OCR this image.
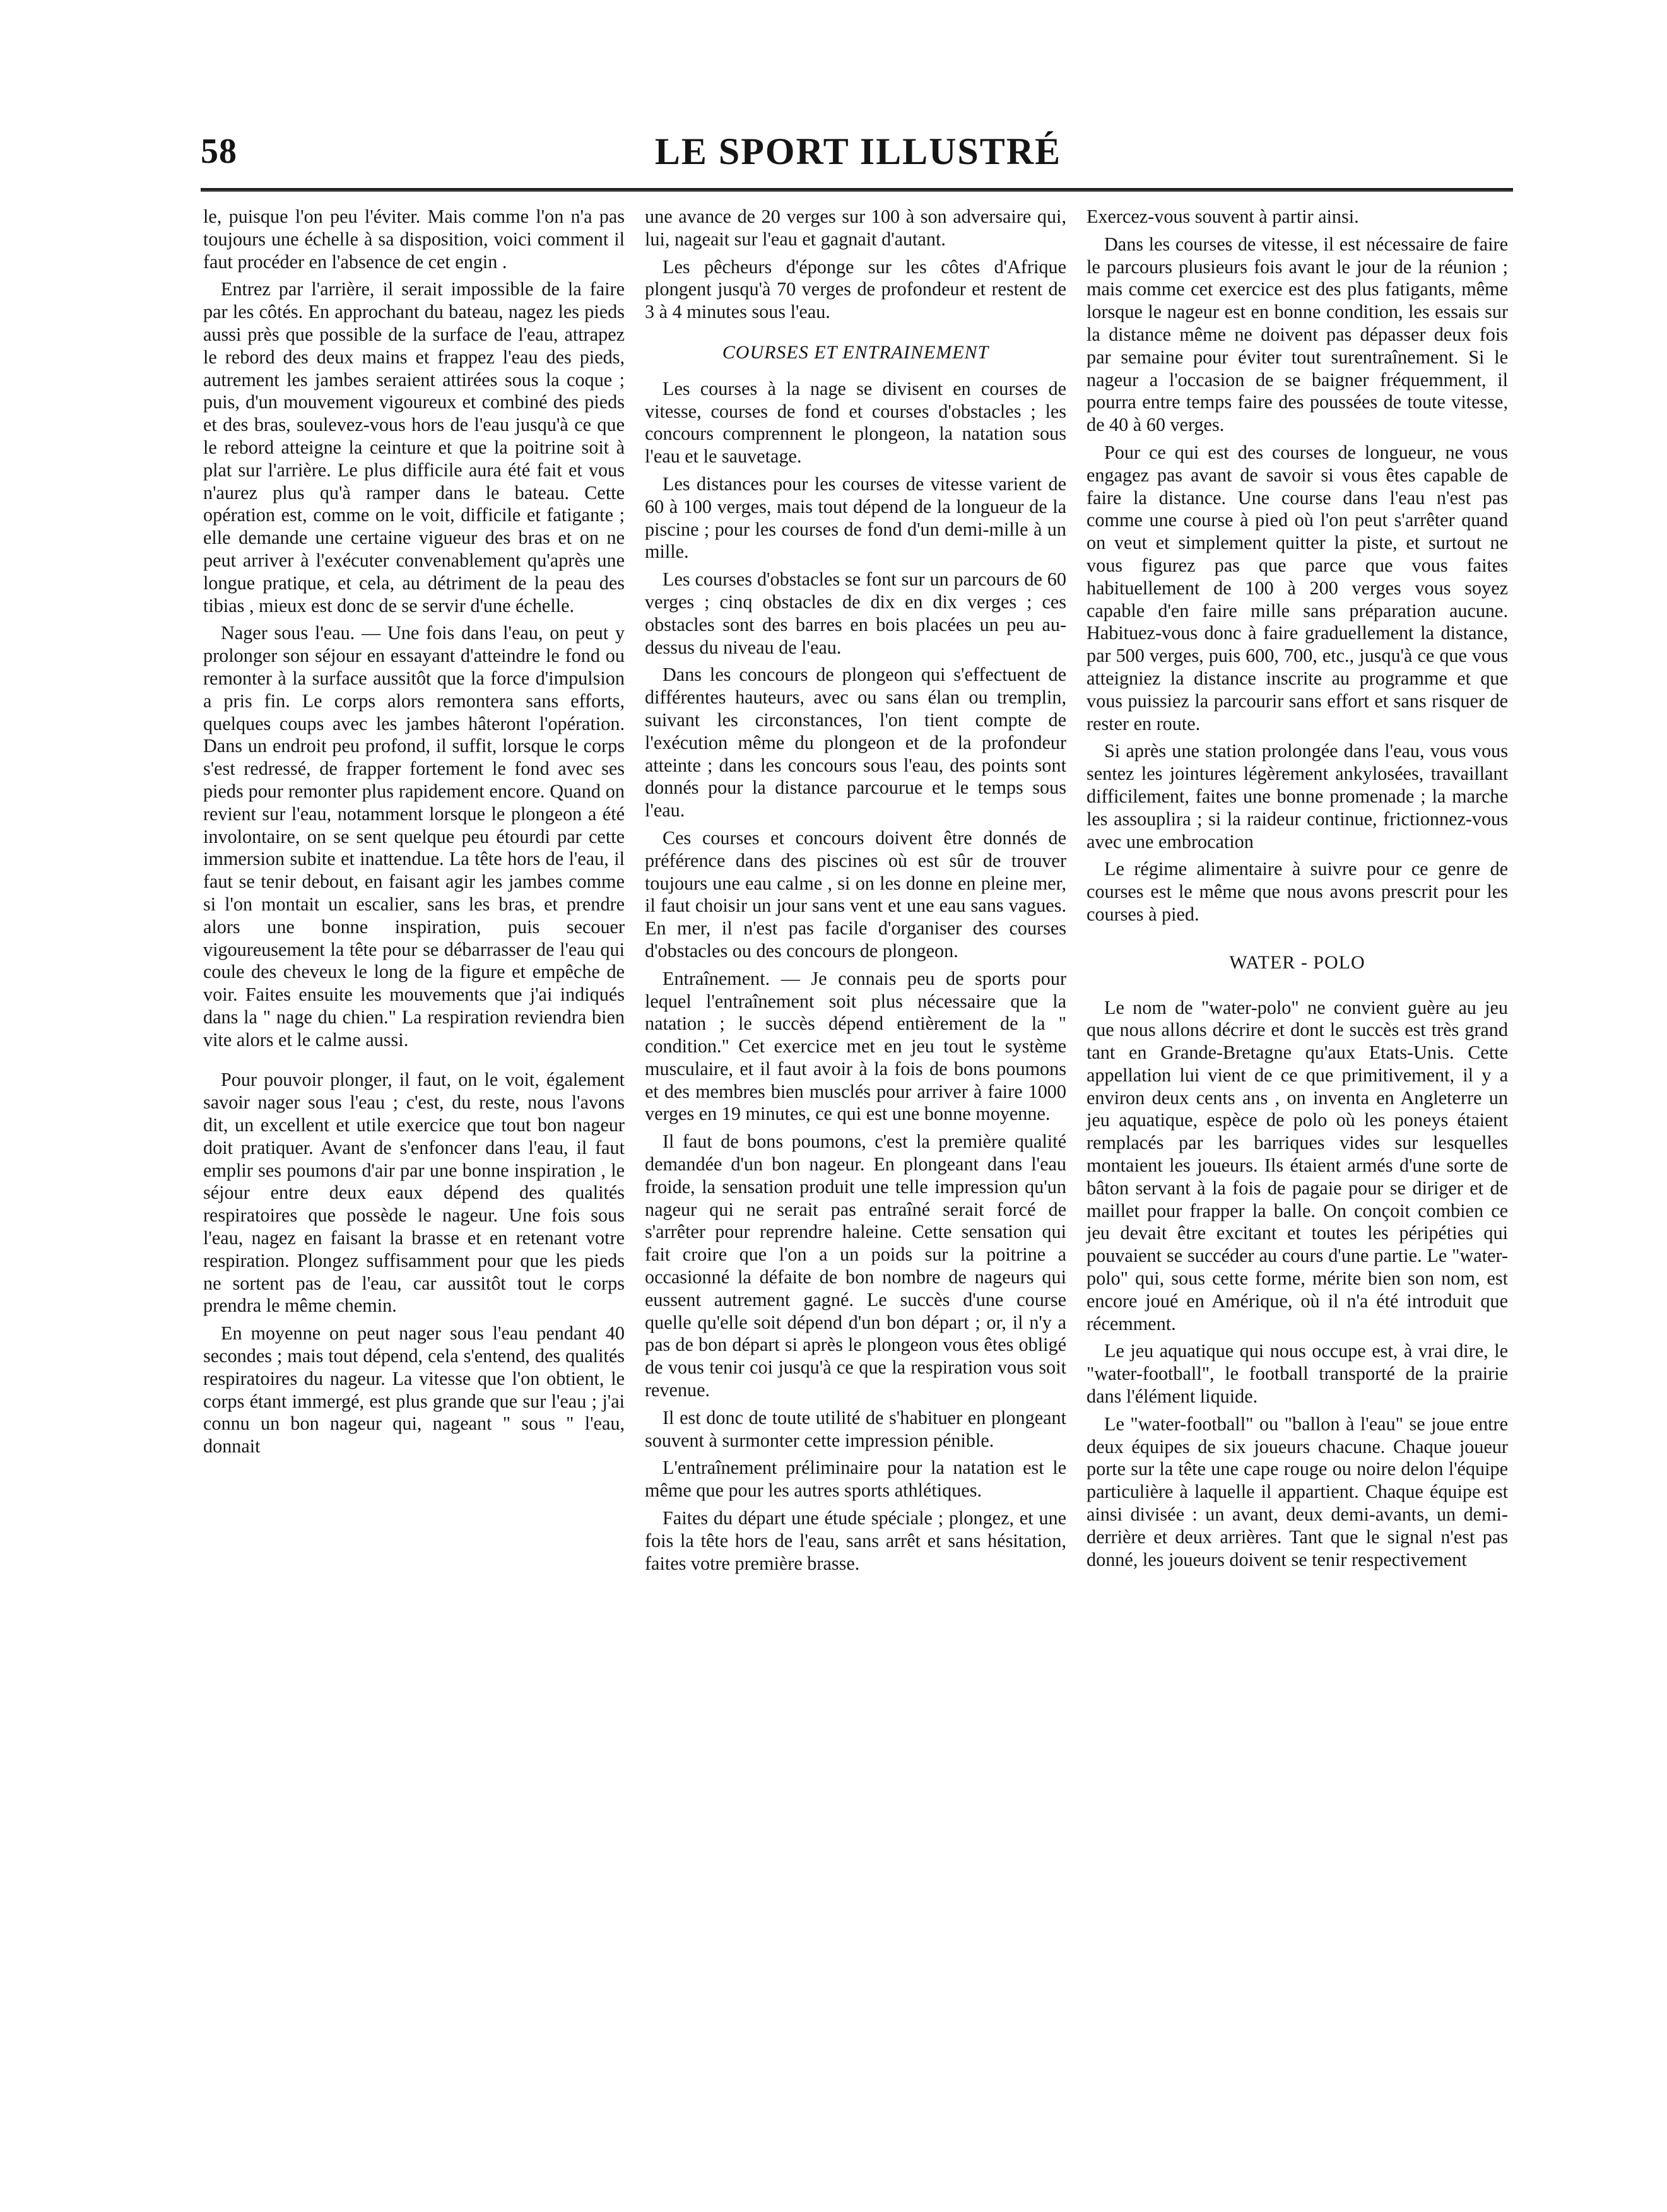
58	LE SPORT ILLUSTRÉ

le, puisque l'on peu l'éviter. Mais comme l'on n'a pas toujours une échelle à sa disposition, voici comment il faut procéder en l'absence de cet engin .

Entrez par l'arrière, il serait impossible de la faire par les côtés. En approchant du bateau, nagez les pieds aussi près que possible de la surface de l'eau, attrapez le rebord des deux mains et frappez l'eau des pieds, autrement les jambes seraient attirées sous la coque ; puis, d'un mouvement vigoureux et combiné des pieds et des bras, soulevez-vous hors de l'eau jusqu'à ce que le rebord atteigne la ceinture et que la poitrine soit à plat sur l'arrière. Le plus difficile aura été fait et vous n'aurez plus qu'à ramper dans le bateau. Cette opération est, comme on le voit, difficile et fatigante ; elle demande une certaine vigueur des bras et on ne peut arriver à l'exécuter convenablement qu'après une longue pratique, et cela, au détriment de la peau des tibias , mieux est donc de se servir d'une échelle.

Nager sous l'eau. — Une fois dans l'eau, on peut y prolonger son séjour en essayant d'atteindre le fond ou remonter à la surface aussitôt que la force d'impulsion a pris fin. Le corps alors remontera sans efforts, quelques coups avec les jambes hâteront l'opération. Dans un endroit peu profond, il suffit, lorsque le corps s'est redressé, de frapper fortement le fond avec ses pieds pour remonter plus rapidement encore. Quand on revient sur l'eau, notamment lorsque le plongeon a été involontaire, on se sent quelque peu étourdi par cette immersion subite et inattendue. La tête hors de l'eau, il faut se tenir debout, en faisant agir les jambes comme si l'on montait un escalier, sans les bras, et prendre alors une bonne inspiration, puis secouer vigoureusement la tête pour se débarrasser de l'eau qui coule des cheveux le long de la figure et empêche de voir. Faites ensuite les mouvements que j'ai indiqués dans la " nage du chien." La respiration reviendra bien vite alors et le calme aussi.

Pour pouvoir plonger, il faut, on le voit, également savoir nager sous l'eau ; c'est, du reste, nous l'avons dit, un excellent et utile exercice que tout bon nageur doit pratiquer. Avant de s'enfoncer dans l'eau, il faut emplir ses poumons d'air par une bonne inspiration , le séjour entre deux eaux dépend des qualités respiratoires que possède le nageur. Une fois sous l'eau, nagez en faisant la brasse et en retenant votre respiration. Plongez suffisamment pour que les pieds ne sortent pas de l'eau, car aussitôt tout le corps prendra le même chemin.

En moyenne on peut nager sous l'eau pendant 40 secondes ; mais tout dépend, cela s'entend, des qualités respiratoires du nageur. La vitesse que l'on obtient, le corps étant immergé, est plus grande que sur l'eau ; j'ai connu un bon nageur qui, nageant " sous " l'eau, donnait

une avance de 20 verges sur 100 à son adversaire qui, lui, nageait sur l'eau et gagnait d'autant.

Les pêcheurs d'éponge sur les côtes d'Afrique plongent jusqu'à 70 verges de profondeur et restent de 3 à 4 minutes sous l'eau.

COURSES ET ENTRAINEMENT

Les courses à la nage se divisent en courses de vitesse, courses de fond et courses d'obstacles ; les concours comprennent le plongeon, la natation sous l'eau et le sauvetage.

Les distances pour les courses de vitesse varient de 60 à 100 verges, mais tout dépend de la longueur de la piscine ; pour les courses de fond d'un demi-mille à un mille.

Les courses d'obstacles se font sur un parcours de 60 verges ; cinq obstacles de dix en dix verges ; ces obstacles sont des barres en bois placées un peu au-dessus du niveau de l'eau.

Dans les concours de plongeon qui s'effectuent de différentes hauteurs, avec ou sans élan ou tremplin, suivant les circonstances, l'on tient compte de l'exécution même du plongeon et de la profondeur atteinte ; dans les concours sous l'eau, des points sont donnés pour la distance parcourue et le temps sous l'eau.

Ces courses et concours doivent être donnés de préférence dans des piscines où est sûr de trouver toujours une eau calme , si on les donne en pleine mer, il faut choisir un jour sans vent et une eau sans vagues. En mer, il n'est pas facile d'organiser des courses d'obstacles ou des concours de plongeon.

Entraînement. — Je connais peu de sports pour lequel l'entraînement soit plus nécessaire que la natation ; le succès dépend entièrement de la " condition." Cet exercice met en jeu tout le système musculaire, et il faut avoir à la fois de bons poumons et des membres bien musclés pour arriver à faire 1000 verges en 19 minutes, ce qui est une bonne moyenne.

Il faut de bons poumons, c'est la première qualité demandée d'un bon nageur. En plongeant dans l'eau froide, la sensation produit une telle impression qu'un nageur qui ne serait pas entraîné serait forcé de s'arrêter pour reprendre haleine. Cette sensation qui fait croire que l'on a un poids sur la poitrine a occasionné la défaite de bon nombre de nageurs qui eussent autrement gagné. Le succès d'une course quelle qu'elle soit dépend d'un bon départ ; or, il n'y a pas de bon départ si après le plongeon vous êtes obligé de vous tenir coi jusqu'à ce que la respiration vous soit revenue.

Il est donc de toute utilité de s'habituer en plongeant souvent à surmonter cette impression pénible.

L'entraînement préliminaire pour la natation est le même que pour les autres sports athlétiques.

Faites du départ une étude spéciale ; plongez, et une fois la tête hors de l'eau, sans arrêt et sans hésitation, faites votre première brasse.

Exercez-vous souvent à partir ainsi.

Dans les courses de vitesse, il est nécessaire de faire le parcours plusieurs fois avant le jour de la réunion ; mais comme cet exercice est des plus fatigants, même lorsque le nageur est en bonne condition, les essais sur la distance même ne doivent pas dépasser deux fois par semaine pour éviter tout surentraînement. Si le nageur a l'occasion de se baigner fréquemment, il pourra entre temps faire des poussées de toute vitesse, de 40 à 60 verges.

Pour ce qui est des courses de longueur, ne vous engagez pas avant de savoir si vous êtes capable de faire la distance. Une course dans l'eau n'est pas comme une course à pied où l'on peut s'arrêter quand on veut et simplement quitter la piste, et surtout ne vous figurez pas que parce que vous faites habituellement de 100 à 200 verges vous soyez capable d'en faire mille sans préparation aucune. Habituez-vous donc à faire graduellement la distance, par 500 verges, puis 600, 700, etc., jusqu'à ce que vous atteigniez la distance inscrite au programme et que vous puissiez la parcourir sans effort et sans risquer de rester en route.

Si après une station prolongée dans l'eau, vous vous sentez les jointures légèrement ankylosées, travaillant difficilement, faites une bonne promenade ; la marche les assouplira ; si la raideur continue, frictionnez-vous avec une embrocation

Le régime alimentaire à suivre pour ce genre de courses est le même que nous avons prescrit pour les courses à pied.

WATER - POLO

Le nom de "water-polo" ne convient guère au jeu que nous allons décrire et dont le succès est très grand tant en Grande-Bretagne qu'aux Etats-Unis. Cette appellation lui vient de ce que primitivement, il y a environ deux cents ans , on inventa en Angleterre un jeu aquatique, espèce de polo où les poneys étaient remplacés par les barriques vides sur lesquelles montaient les joueurs. Ils étaient armés d'une sorte de bâton servant à la fois de pagaie pour se diriger et de maillet pour frapper la balle. On conçoit combien ce jeu devait être excitant et toutes les péripéties qui pouvaient se succéder au cours d'une partie. Le "water-polo" qui, sous cette forme, mérite bien son nom, est encore joué en Amérique, où il n'a été introduit que récemment.

Le jeu aquatique qui nous occupe est, à vrai dire, le "water-football", le football transporté de la prairie dans l'élément liquide.

Le "water-football" ou "ballon à l'eau" se joue entre deux équipes de six joueurs chacune. Chaque joueur porte sur la tête une cape rouge ou noire delon l'équipe particulière à laquelle il appartient. Chaque équipe est ainsi divisée : un avant, deux demi-avants, un demi-derrière et deux arrières. Tant que le signal n'est pas donné, les joueurs doivent se tenir respectivement
